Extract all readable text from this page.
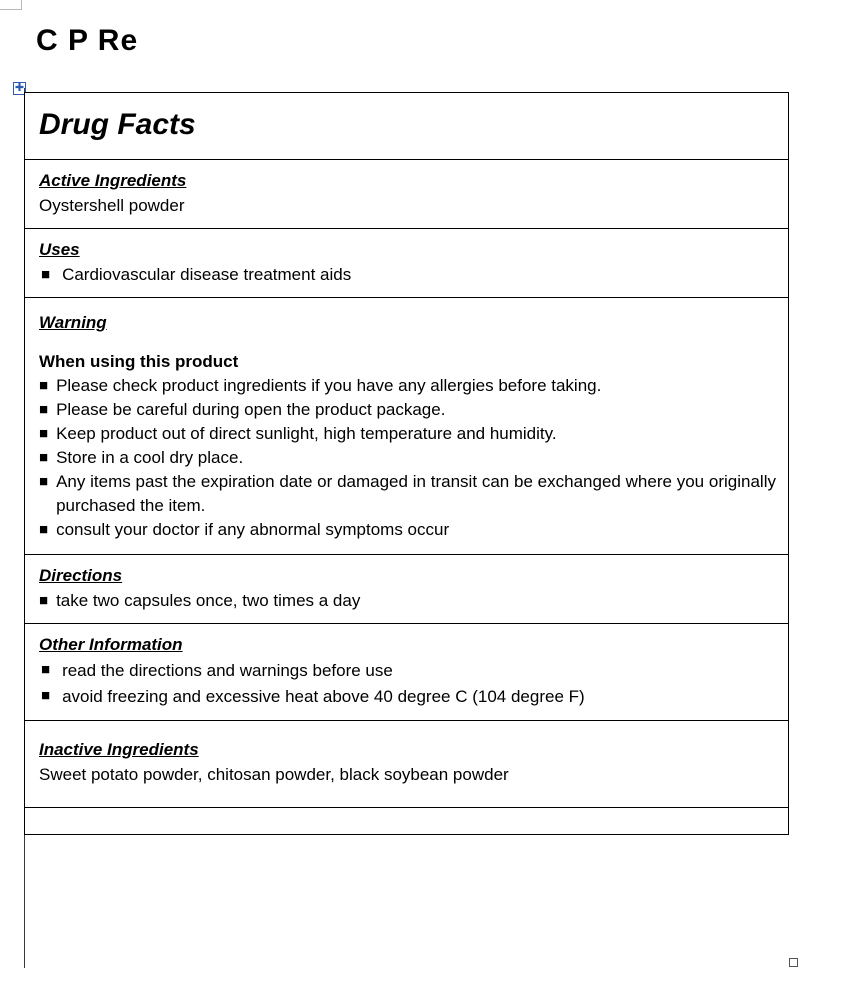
C P Re
✚
Drug Facts
Active Ingredients
Oystershell powder
Uses
■ Cardiovascular disease treatment aids
Warning
When using this product
■ Please check product ingredients if you have any allergies before taking.
■ Please be careful during open the product package.
■ Keep product out of direct sunlight, high temperature and humidity.
■ Store in a cool dry place.
■ Any items past the expiration date or damaged in transit can be exchanged where you originally purchased the item.
■ consult your doctor if any abnormal symptoms occur
Directions
■ take two capsules once, two times a day
Other Information
■ read the directions and warnings before use
■ avoid freezing and excessive heat above 40 degree C (104 degree F)
Inactive Ingredients
Sweet potato powder, chitosan powder, black soybean powder
